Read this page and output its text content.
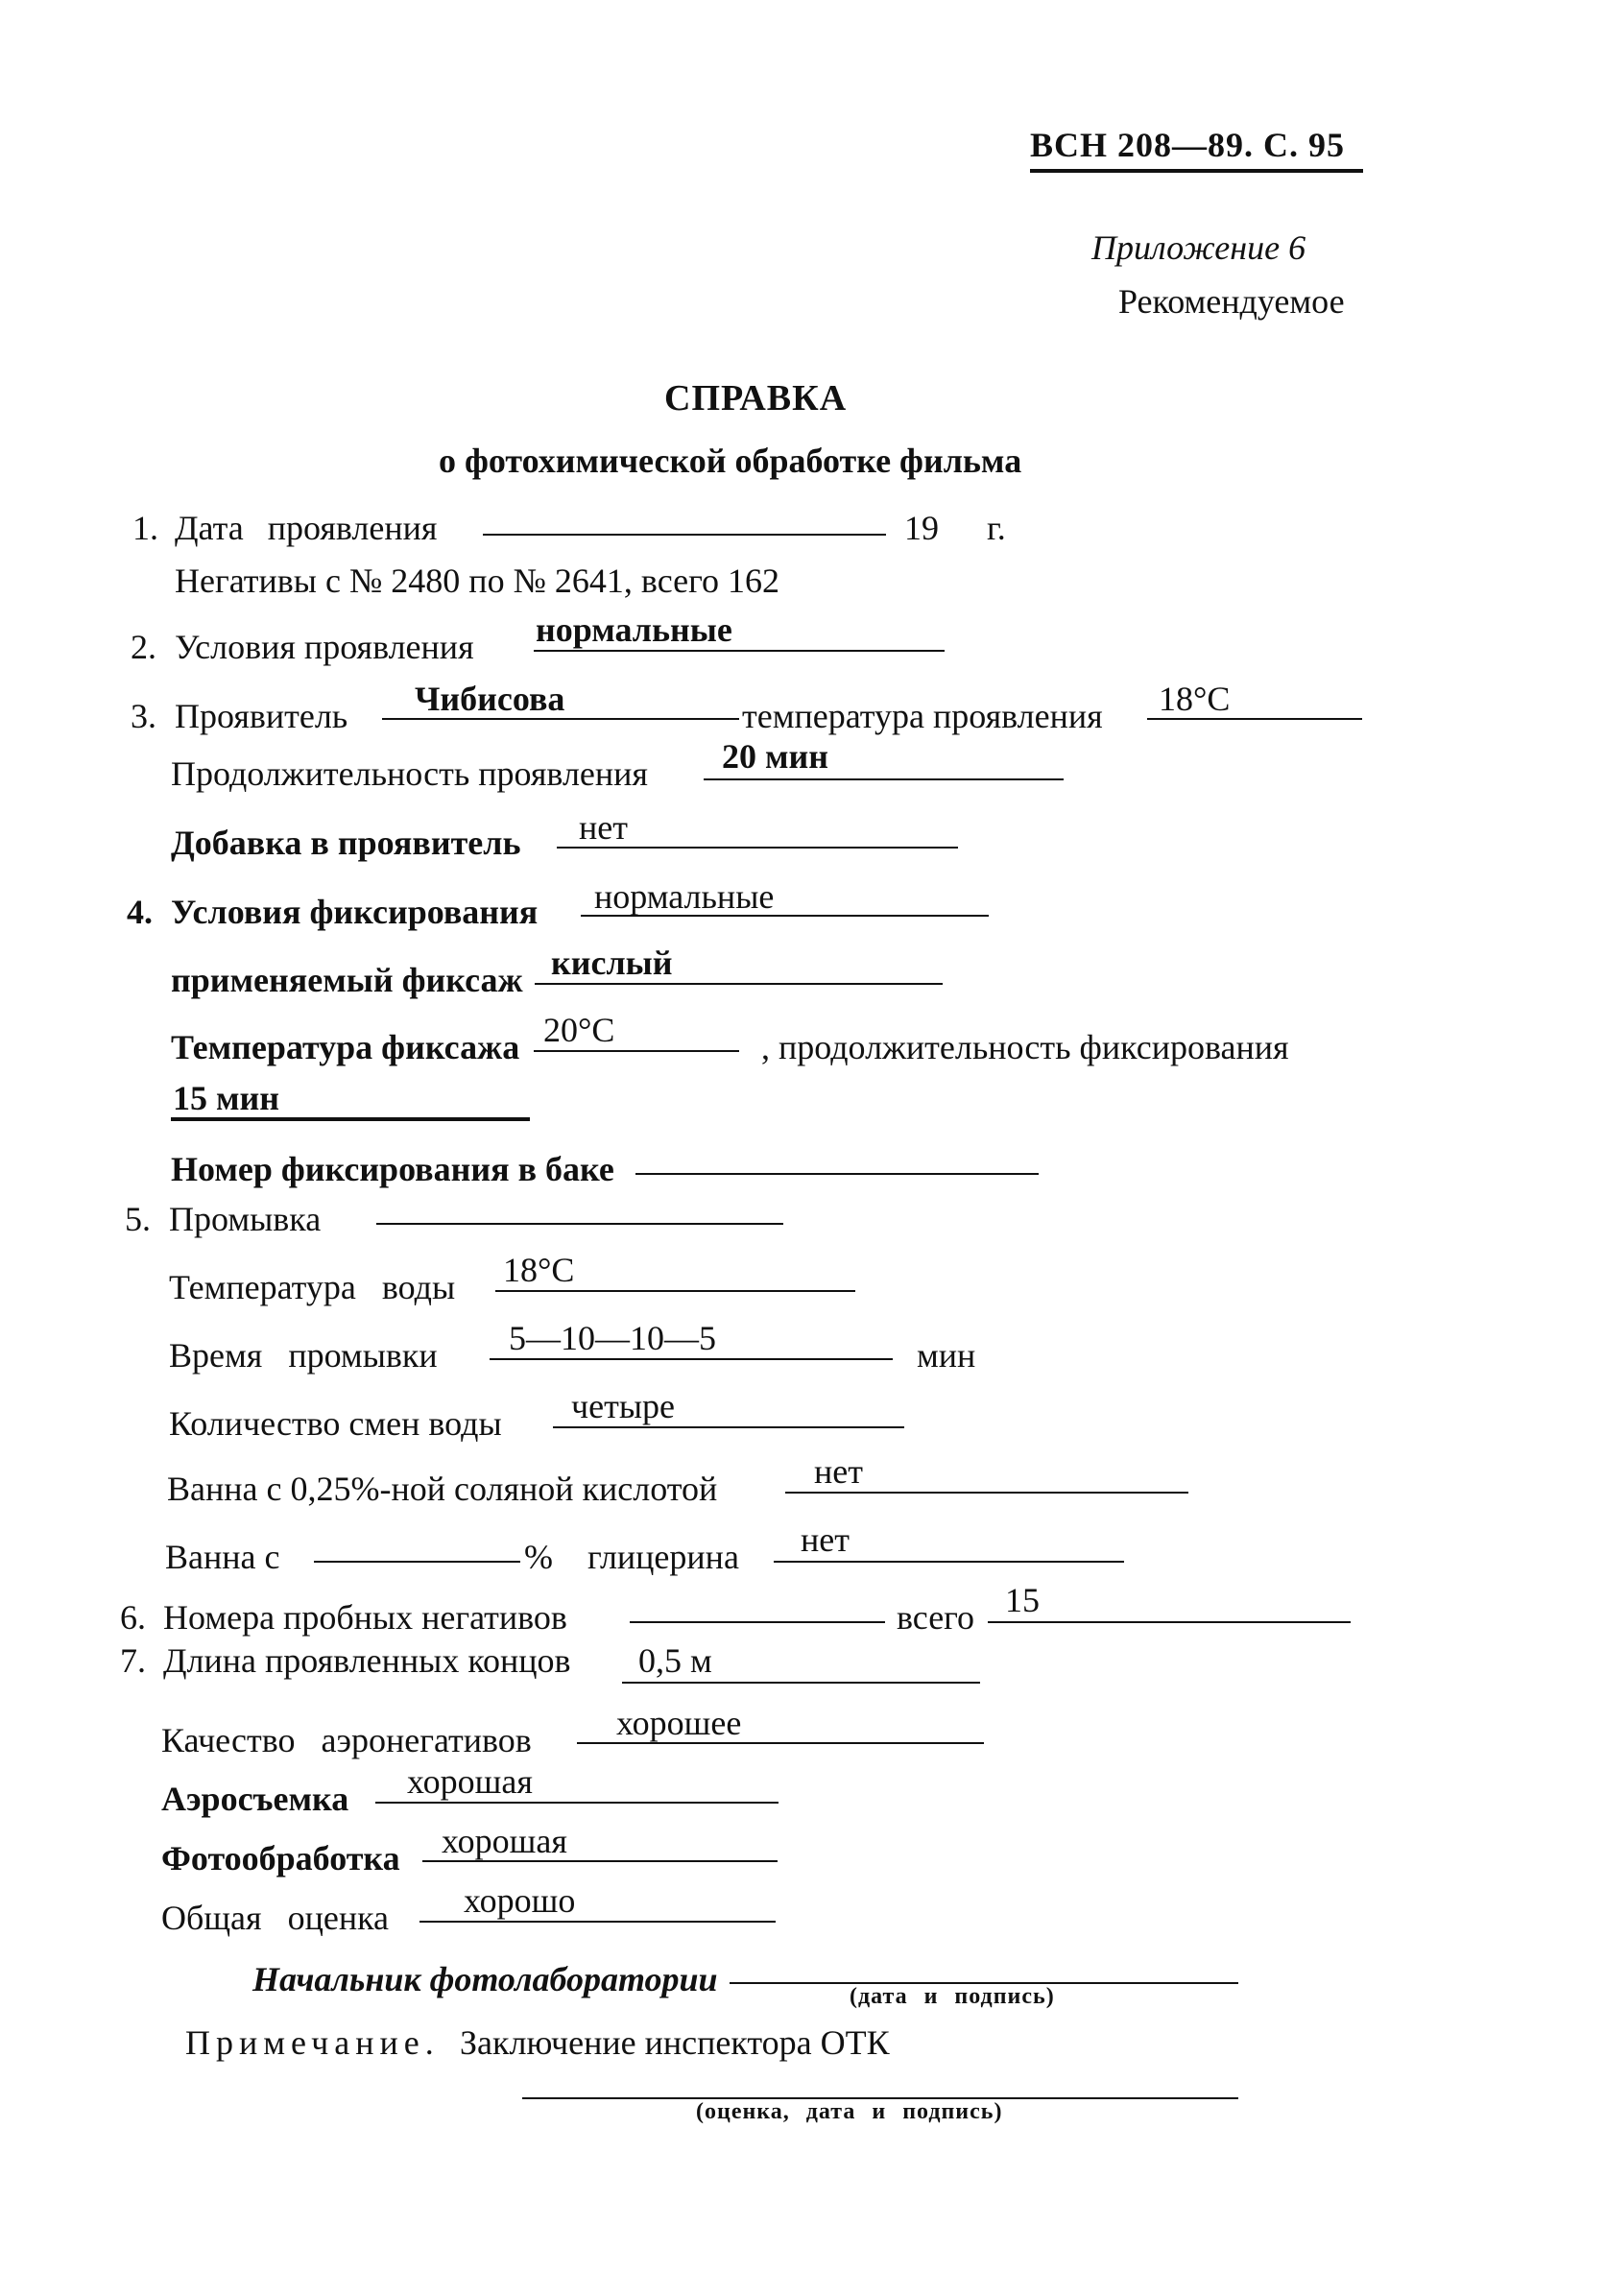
ВСН 208—89. С. 95
Приложение 6
Рекомендуемое
СПРАВКА
о фотохимической обработке фильма
1. Дата проявления	19 г.
Негативы с № 2480 по № 2641, всего 162
2. Условия проявления нормальные
3. Проявитель Чибисова	температура проявления 18°С
Продолжительность проявления 20 мин
Добавка в проявитель нет
4. Условия фиксирования нормальные
применяемый фиксаж кислый
Температура фиксажа 20°С	, продолжительность фиксирования
15 мин
Номер фиксирования в баке
5. Промывка
Температура воды 18°С
Время промывки 5—10—10—5	мин
Количество смен воды четыре
Ванна с 0,25%-ной соляной кислотой	нет
Ванна с	% глицерина нет
6. Номера пробных негативов	всего 15
7. Длина проявленных концов 0,5 м
Качество аэронегативов хорошее
Аэросъемка хорошая
Фотообработка хорошая
Общая оценка хорошо
Начальник фотолаборатории	(дата и подпись)
Примечание. Заключение инспектора ОТК
(оценка, дата и подпись)
